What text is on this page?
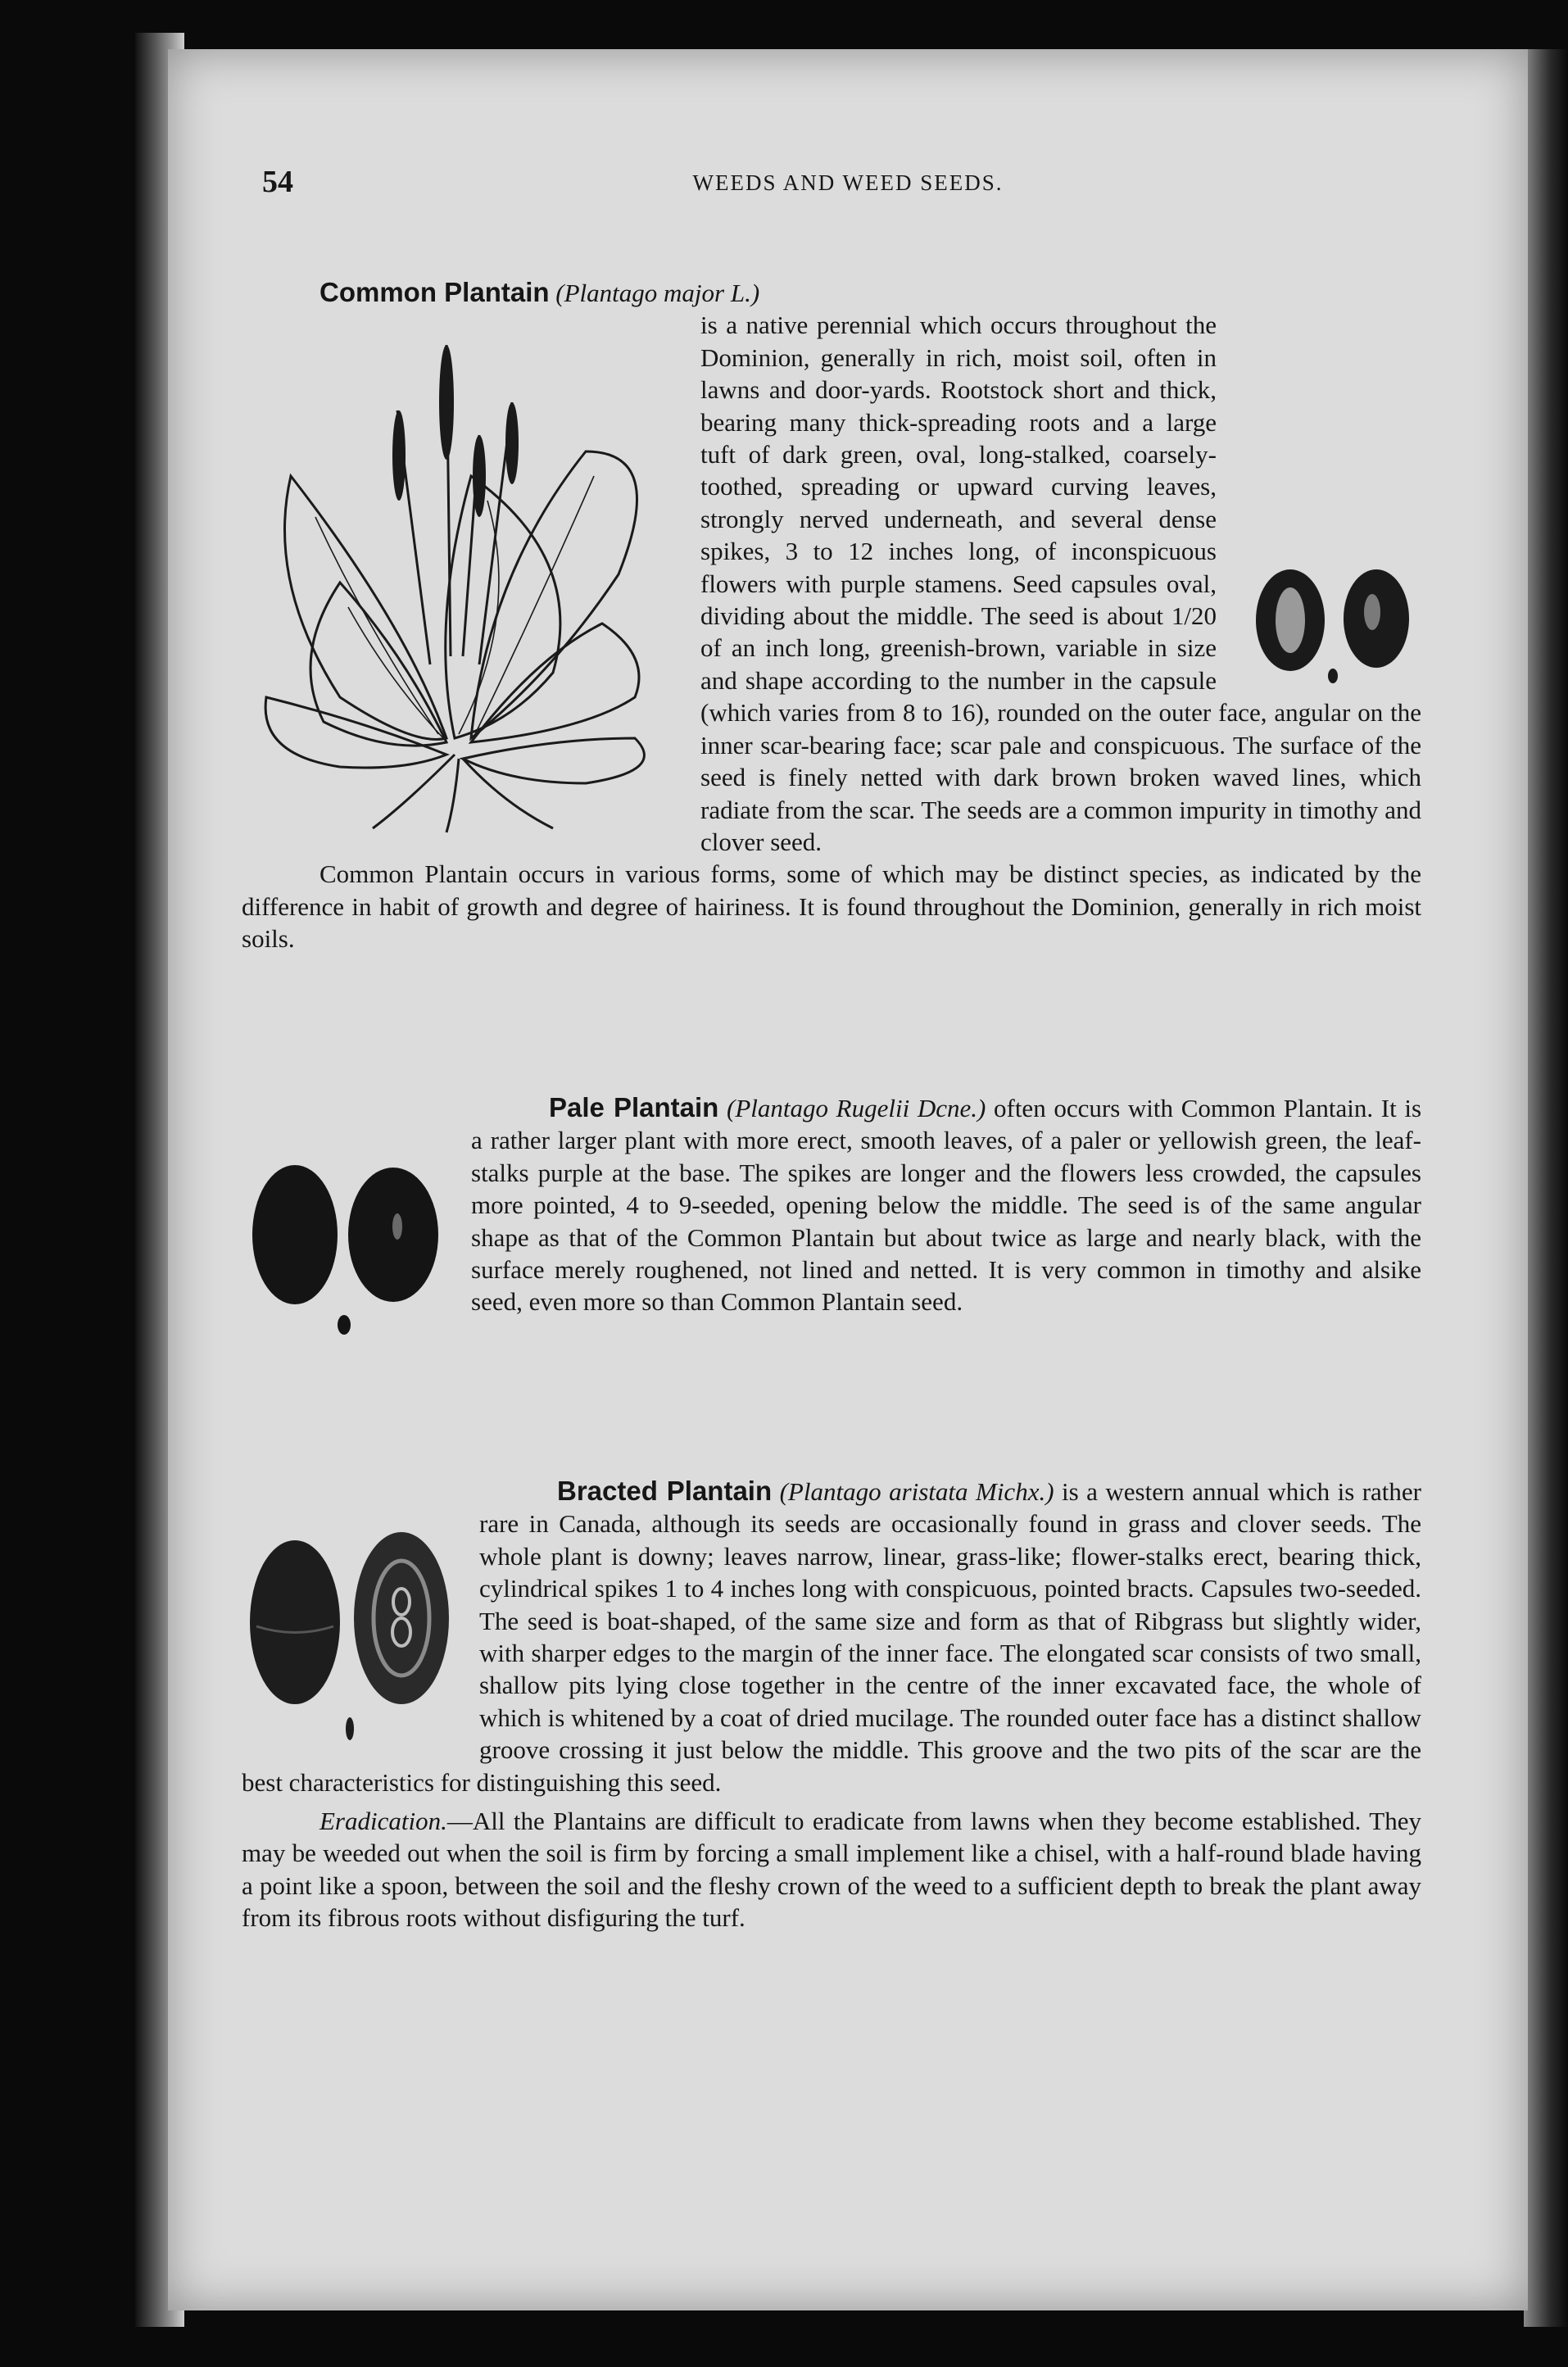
54	WEEDS AND WEED SEEDS.

Common Plantain (Plantago major L.)

is a native perennial which occurs throughout the Dominion, generally in rich, moist soil, often in lawns and door-yards. Rootstock short and thick, bearing many thick-spreading roots and a large tuft of dark green, oval, long-stalked, coarsely-toothed, spreading or upward curving leaves, strongly nerved underneath, and several dense spikes, 3 to 12 inches long, of inconspicuous flowers with purple stamens. Seed capsules oval, dividing about the middle. The seed is about 1/20 of an inch long, greenish-brown, variable in size and shape according to the number in the capsule (which varies from 8 to 16), rounded on the outer face, angular on the inner scar-bearing face; scar pale and conspicuous. The surface of the seed is finely netted with dark brown broken waved lines, which radiate from the scar. The seeds are a common impurity in timothy and clover seed.

Common Plantain occurs in various forms, some of which may be distinct species, as indicated by the difference in habit of growth and degree of hairiness. It is found throughout the Dominion, generally in rich moist soils.

Pale Plantain (Plantago Rugelii Dcne.) often occurs with Common Plantain. It is a rather larger plant with more erect, smooth leaves, of a paler or yellowish green, the leaf-stalks purple at the base. The spikes are longer and the flowers less crowded, the capsules more pointed, 4 to 9-seeded, opening below the middle. The seed is of the same angular shape as that of the Common Plantain but about twice as large and nearly black, with the surface merely roughened, not lined and netted. It is very common in timothy and alsike seed, even more so than Common Plantain seed.

Bracted Plantain (Plantago aristata Michx.) is a western annual which is rather rare in Canada, although its seeds are occasionally found in grass and clover seeds. The whole plant is downy; leaves narrow, linear, grass-like; flower-stalks erect, bearing thick, cylindrical spikes 1 to 4 inches long with conspicuous, pointed bracts. Capsules two-seeded. The seed is boat-shaped, of the same size and form as that of Ribgrass but slightly wider, with sharper edges to the margin of the inner face. The elongated scar consists of two small, shallow pits lying close together in the centre of the inner excavated face, the whole of which is whitened by a coat of dried mucilage. The rounded outer face has a distinct shallow groove crossing it just below the middle. This groove and the two pits of the scar are the best characteristics for distinguishing this seed.

Eradication.—All the Plantains are difficult to eradicate from lawns when they become established. They may be weeded out when the soil is firm by forcing a small implement like a chisel, with a half-round blade having a point like a spoon, between the soil and the fleshy crown of the weed to a sufficient depth to break the plant away from its fibrous roots without disfiguring the turf.
